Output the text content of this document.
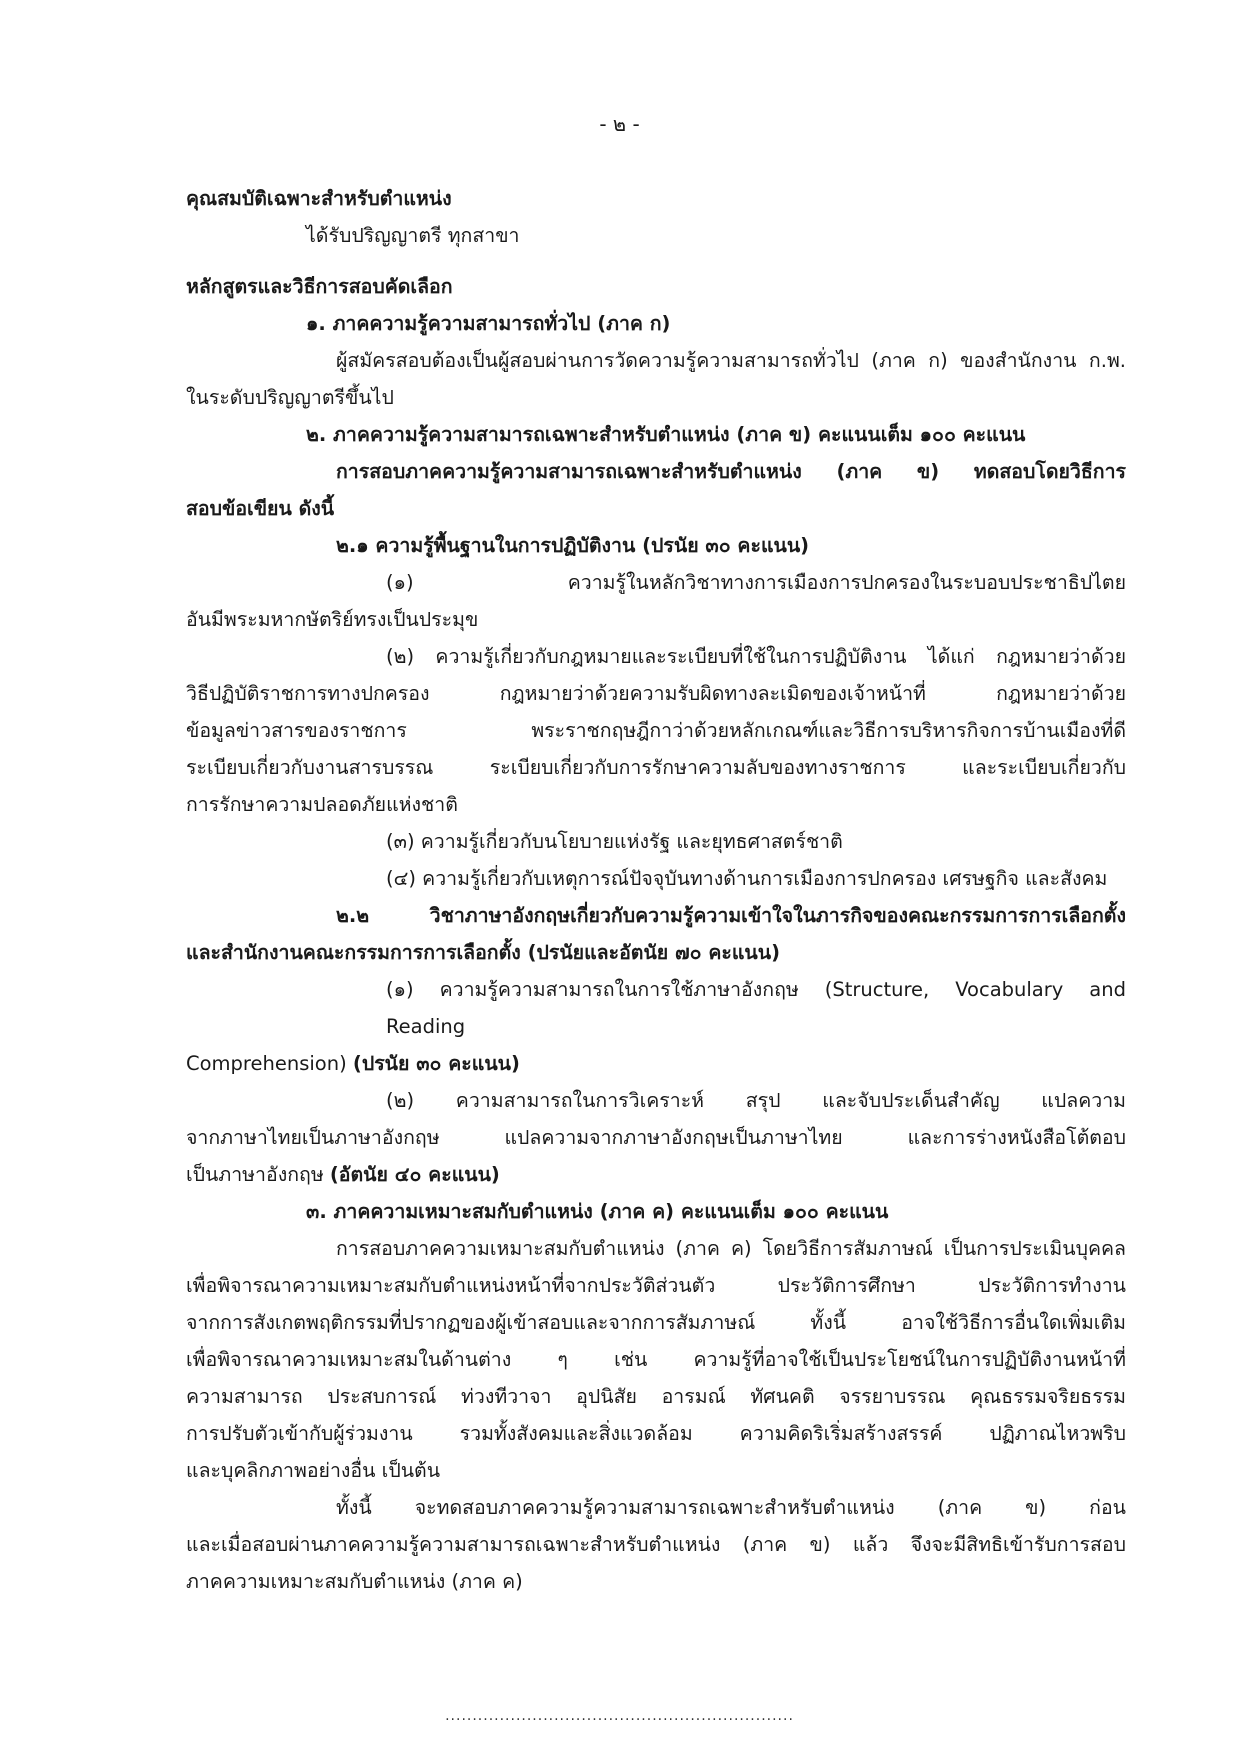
- ๒ -

คุณสมบัติเฉพาะสำหรับตำแหน่ง

ได้รับปริญญาตรี ทุกสาขา

หลักสูตรและวิธีการสอบคัดเลือก

๑. ภาคความรู้ความสามารถทั่วไป (ภาค ก)

ผู้สมัครสอบต้องเป็นผู้สอบผ่านการวัดความรู้ความสามารถทั่วไป (ภาค ก) ของสำนักงาน ก.พ.

ในระดับปริญญาตรีขึ้นไป

๒. ภาคความรู้ความสามารถเฉพาะสำหรับตำแหน่ง (ภาค ข) คะแนนเต็ม ๑๐๐ คะแนน

การสอบภาคความรู้ความสามารถเฉพาะสำหรับตำแหน่ง (ภาค ข) ทดสอบโดยวิธีการ

สอบข้อเขียน ดังนี้

๒.๑ ความรู้พื้นฐานในการปฏิบัติงาน (ปรนัย ๓๐ คะแนน)

(๑) ความรู้ในหลักวิชาทางการเมืองการปกครองในระบอบประชาธิปไตย

อันมีพระมหากษัตริย์ทรงเป็นประมุข

(๒) ความรู้เกี่ยวกับกฎหมายและระเบียบที่ใช้ในการปฏิบัติงาน ได้แก่ กฎหมายว่าด้วย

วิธีปฏิบัติราชการทางปกครอง กฎหมายว่าด้วยความรับผิดทางละเมิดของเจ้าหน้าที่ กฎหมายว่าด้วย

ข้อมูลข่าวสารของราชการ พระราชกฤษฎีกาว่าด้วยหลักเกณฑ์และวิธีการบริหารกิจการบ้านเมืองที่ดี

ระเบียบเกี่ยวกับงานสารบรรณ ระเบียบเกี่ยวกับการรักษาความลับของทางราชการ และระเบียบเกี่ยวกับ

การรักษาความปลอดภัยแห่งชาติ

(๓) ความรู้เกี่ยวกับนโยบายแห่งรัฐ และยุทธศาสตร์ชาติ

(๔) ความรู้เกี่ยวกับเหตุการณ์ปัจจุบันทางด้านการเมืองการปกครอง เศรษฐกิจ และสังคม

๒.๒ วิชาภาษาอังกฤษเกี่ยวกับความรู้ความเข้าใจในภารกิจของคณะกรรมการการเลือกตั้ง

และสำนักงานคณะกรรมการการเลือกตั้ง (ปรนัยและอัตนัย ๗๐ คะแนน)

(๑) ความรู้ความสามารถในการใช้ภาษาอังกฤษ (Structure, Vocabulary and Reading

Comprehension) (ปรนัย ๓๐ คะแนน)

(๒) ความสามารถในการวิเคราะห์ สรุป และจับประเด็นสำคัญ แปลความ

จากภาษาไทยเป็นภาษาอังกฤษ แปลความจากภาษาอังกฤษเป็นภาษาไทย และการร่างหนังสือโต้ตอบ

เป็นภาษาอังกฤษ (อัตนัย ๔๐ คะแนน)

๓. ภาคความเหมาะสมกับตำแหน่ง (ภาค ค) คะแนนเต็ม ๑๐๐ คะแนน

การสอบภาคความเหมาะสมกับตำแหน่ง (ภาค ค) โดยวิธีการสัมภาษณ์ เป็นการประเมินบุคคล

เพื่อพิจารณาความเหมาะสมกับตำแหน่งหน้าที่จากประวัติส่วนตัว ประวัติการศึกษา ประวัติการทำงาน

จากการสังเกตพฤติกรรมที่ปรากฏของผู้เข้าสอบและจากการสัมภาษณ์ ทั้งนี้ อาจใช้วิธีการอื่นใดเพิ่มเติม

เพื่อพิจารณาความเหมาะสมในด้านต่าง ๆ เช่น ความรู้ที่อาจใช้เป็นประโยชน์ในการปฏิบัติงานหน้าที่

ความสามารถ ประสบการณ์ ท่วงทีวาจา อุปนิสัย อารมณ์ ทัศนคติ จรรยาบรรณ คุณธรรมจริยธรรม

การปรับตัวเข้ากับผู้ร่วมงาน รวมทั้งสังคมและสิ่งแวดล้อม ความคิดริเริ่มสร้างสรรค์ ปฏิภาณไหวพริบ

และบุคลิกภาพอย่างอื่น เป็นต้น

ทั้งนี้ จะทดสอบภาคความรู้ความสามารถเฉพาะสำหรับตำแหน่ง (ภาค ข) ก่อน

และเมื่อสอบผ่านภาคความรู้ความสามารถเฉพาะสำหรับตำแหน่ง (ภาค ข) แล้ว จึงจะมีสิทธิเข้ารับการสอบ

ภาคความเหมาะสมกับตำแหน่ง (ภาค ค)

................................................................
